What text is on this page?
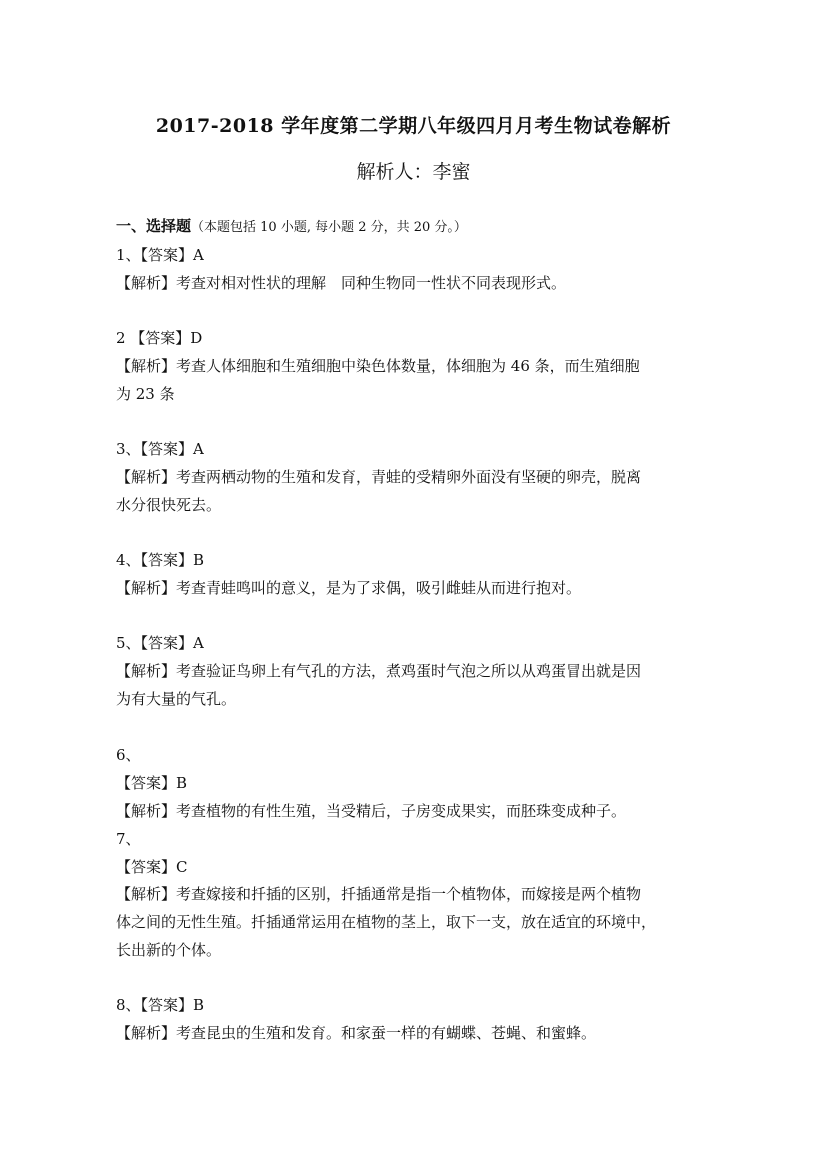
2017-2018 学年度第二学期八年级四月月考生物试卷解析
解析人：李蜜
一、选择题（本题包括 10 小题, 每小题 2 分，共 20 分。）
1、【答案】A
【解析】考查对相对性状的理解　同种生物同一性状不同表现形式。
2 【答案】D
【解析】考查人体细胞和生殖细胞中染色体数量，体细胞为 46 条，而生殖细胞
为 23 条
3、【答案】A
【解析】考查两栖动物的生殖和发育，青蛙的受精卵外面没有坚硬的卵壳，脱离
水分很快死去。
4、【答案】B
【解析】考查青蛙鸣叫的意义，是为了求偶，吸引雌蛙从而进行抱对。
5、【答案】A
【解析】考查验证鸟卵上有气孔的方法，煮鸡蛋时气泡之所以从鸡蛋冒出就是因
为有大量的气孔。
6、
【答案】B
【解析】考查植物的有性生殖，当受精后，子房变成果实，而胚珠变成种子。
7、
【答案】C
【解析】考查嫁接和扦插的区别，扦插通常是指一个植物体，而嫁接是两个植物
体之间的无性生殖。扦插通常运用在植物的茎上，取下一支，放在适宜的环境中，
长出新的个体。
8、【答案】B
【解析】考查昆虫的生殖和发育。和家蚕一样的有蝴蝶、苍蝇、和蜜蜂。
